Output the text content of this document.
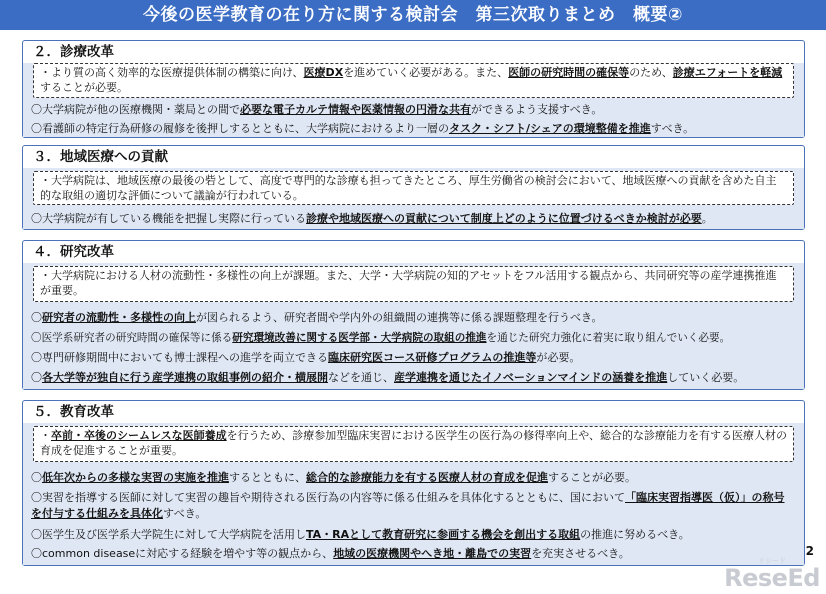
今後の医学教育の在り方に関する検討会　第三次取りまとめ　概要②
２．診療改革
・より質の高く効率的な医療提供体制の構築に向け、医療DXを進めていく必要がある。また、医師の研究時間の確保等のため、診療エフォートを軽減することが必要。
〇大学病院が他の医療機関・薬局との間で必要な電子カルテ情報や医薬情報の円滑な共有ができるよう支援すべき。
〇看護師の特定行為研修の履修を後押しするとともに、大学病院におけるより一層のタスク・シフト/シェアの環境整備を推進すべき。
３．地域医療への貢献
・大学病院は、地域医療の最後の砦として、高度で専門的な診療も担ってきたところ、厚生労働省の検討会において、地域医療への貢献を含めた自主的な取組の適切な評価について議論が行われている。
〇大学病院が有している機能を把握し実際に行っている診療や地域医療への貢献について制度上どのように位置づけるべきか検討が必要。
４．研究改革
・大学病院における人材の流動性・多様性の向上が課題。また、大学・大学病院の知的アセットをフル活用する観点から、共同研究等の産学連携推進が重要。
〇研究者の流動性・多様性の向上が図られるよう、研究者間や学内外の組織間の連携等に係る課題整理を行うべき。
〇医学系研究者の研究時間の確保等に係る研究環境改善に関する医学部・大学病院の取組の推進を通じた研究力強化に着実に取り組んでいく必要。
〇専門研修期間中においても博士課程への進学を両立できる臨床研究医コース研修プログラムの推進等が必要。
〇各大学等が独自に行う産学連携の取組事例の紹介・横展開などを通じ、産学連携を通じたイノベーションマインドの涵養を推進していく必要。
５．教育改革
・卒前・卒後のシームレスな医師養成を行うため、診療参加型臨床実習における医学生の医行為の修得率向上や、総合的な診療能力を有する医療人材の育成を促進することが重要。
〇低年次からの多様な実習の実施を推進するとともに、総合的な診療能力を有する医療人材の育成を促進することが必要。
〇実習を指導する医師に対して実習の趣旨や期待される医行為の内容等に係る仕組みを具体化するとともに、国において「臨床実習指導医（仮）」の称号を付与する仕組みを具体化すべき。
〇医学生及び医学系大学院生に対して大学病院を活用しTA・RAとして教育研究に参画する機会を創出する取組の推進に努めるべき。
〇common diseaseに対応する経験を増やす等の観点から、地域の医療機関やへき地・離島での実習を充実させるべき。	2
リシード
ReseEd
